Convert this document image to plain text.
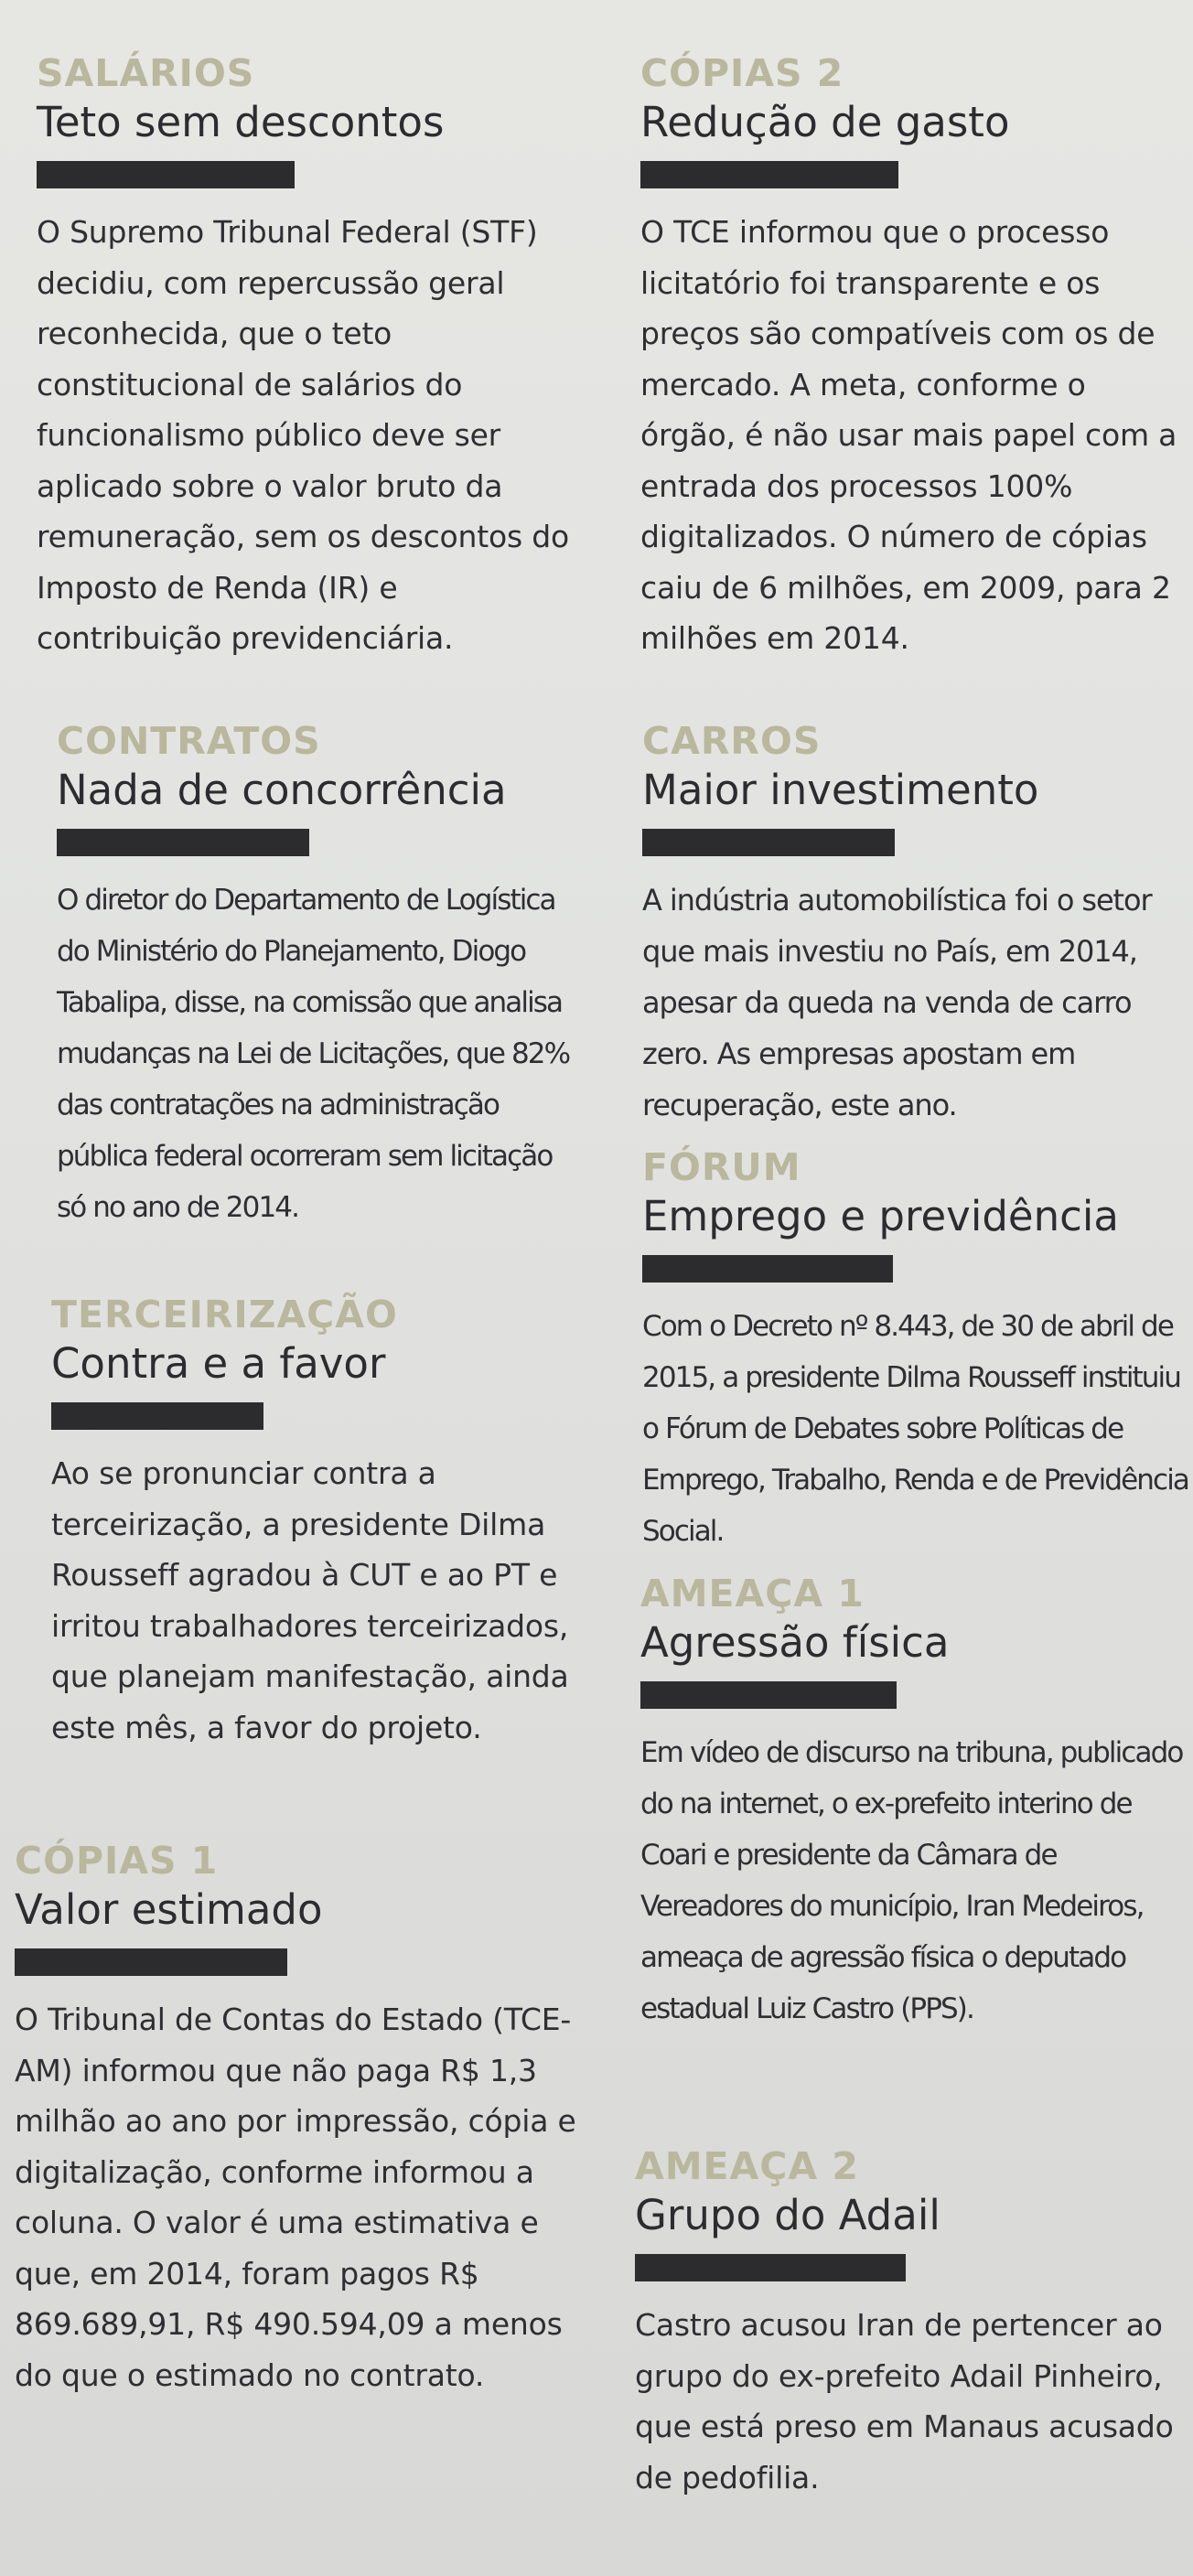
SALÁRIOS
Teto sem descontos

O Supremo Tribunal Federal (STF) decidiu, com repercussão geral reconhecida, que o teto constitucional de salários do funcionalismo público deve ser aplicado sobre o valor bruto da remuneração, sem os descontos do Imposto de Renda (IR) e contribuição previdenciária.

CONTRATOS
Nada de concorrência

O diretor do Departamento de Logística do Ministério do Planejamento, Diogo Tabalipa, disse, na comissão que analisa mudanças na Lei de Licitações, que 82% das contratações na administração pública federal ocorreram sem licitação só no ano de 2014.

TERCEIRIZAÇÃO
Contra e a favor

Ao se pronunciar contra a terceirização, a presidente Dilma Rousseff agradou à CUT e ao PT e irritou trabalhadores terceirizados, que planejam manifestação, ainda este mês, a favor do projeto.

CÓPIAS 1
Valor estimado

O Tribunal de Contas do Estado (TCE-AM) informou que não paga R$ 1,3 milhão ao ano por impressão, cópia e digitalização, conforme informou a coluna. O valor é uma estimativa e que, em 2014, foram pagos R$ 869.689,91, R$ 490.594,09 a menos do que o estimado no contrato.

CÓPIAS 2
Redução de gasto

O TCE informou que o processo licitatório foi transparente e os preços são compatíveis com os de mercado. A meta, conforme o órgão, é não usar mais papel com a entrada dos processos 100% digitalizados. O número de cópias caiu de 6 milhões, em 2009, para 2 milhões em 2014.

CARROS
Maior investimento

A indústria automobilística foi o setor que mais investiu no País, em 2014, apesar da queda na venda de carro zero. As empresas apostam em recuperação, este ano.

FÓRUM
Emprego e previdência

Com o Decreto nº 8.443, de 30 de abril de 2015, a presidente Dilma Rousseff instituiu o Fórum de Debates sobre Políticas de Emprego, Trabalho, Renda e de Previdência Social.

AMEAÇA 1
Agressão física

Em vídeo de discurso na tribuna, publicado do na internet, o ex-prefeito interino de Coari e presidente da Câmara de Vereadores do município, Iran Medeiros, ameaça de agressão física o deputado estadual Luiz Castro (PPS).

AMEAÇA 2
Grupo do Adail

Castro acusou Iran de pertencer ao grupo do ex-prefeito Adail Pinheiro, que está preso em Manaus acusado de pedofilia.
